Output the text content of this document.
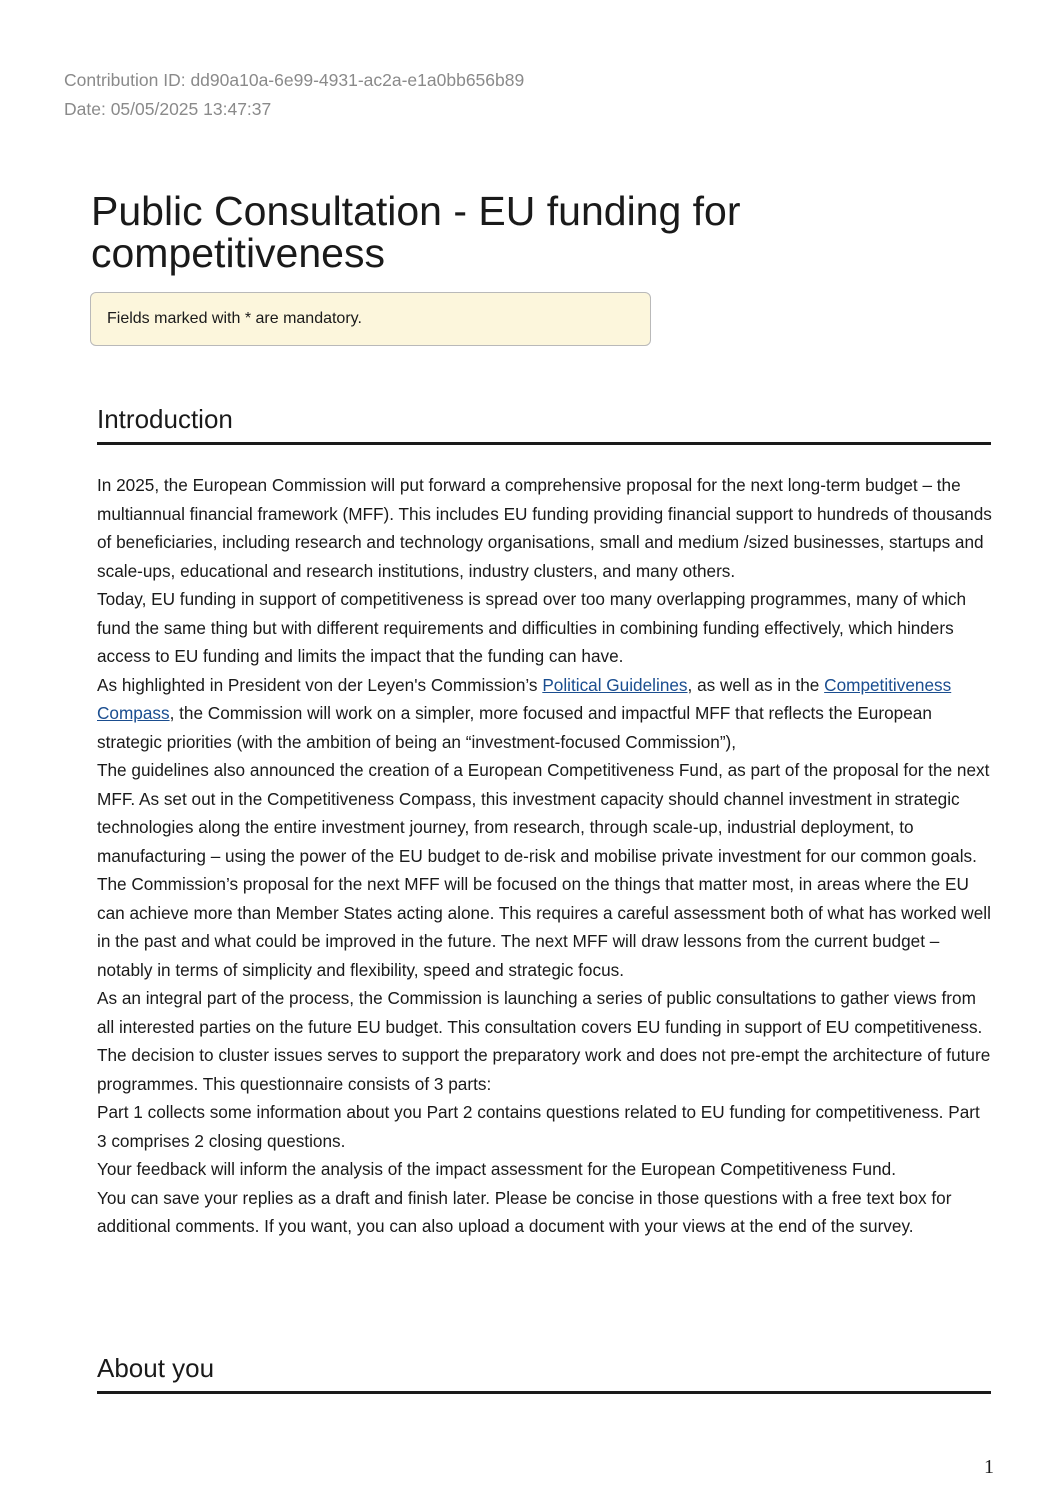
Contribution ID: dd90a10a-6e99-4931-ac2a-e1a0bb656b89
Date: 05/05/2025 13:47:37
Public Consultation - EU funding for competitiveness
Fields marked with * are mandatory.
Introduction

In 2025, the European Commission will put forward a comprehensive proposal for the next long-term budget – the multiannual financial framework (MFF). This includes EU funding providing financial support to hundreds of thousands of beneficiaries, including research and technology organisations, small and medium /sized businesses, startups and scale-ups, educational and research institutions, industry clusters, and many others.

Today, EU funding in support of competitiveness is spread over too many overlapping programmes, many of which fund the same thing but with different requirements and difficulties in combining funding effectively, which hinders access to EU funding and limits the impact that the funding can have.

As highlighted in President von der Leyen's Commission’s Political Guidelines, as well as in the Competitiveness Compass, the Commission will work on a simpler, more focused and impactful MFF that reflects the European strategic priorities (with the ambition of being an “investment-focused Commission”),

The guidelines also announced the creation of a European Competitiveness Fund, as part of the proposal for the next MFF. As set out in the Competitiveness Compass, this investment capacity should channel investment in strategic technologies along the entire investment journey, from research, through scale-up, industrial deployment, to manufacturing – using the power of the EU budget to de-risk and mobilise private investment for our common goals.

The Commission’s proposal for the next MFF will be focused on the things that matter most, in areas where the EU can achieve more than Member States acting alone. This requires a careful assessment both of what has worked well in the past and what could be improved in the future. The next MFF will draw lessons from the current budget – notably in terms of simplicity and flexibility, speed and strategic focus.

As an integral part of the process, the Commission is launching a series of public consultations to gather views from all interested parties on the future EU budget. This consultation covers EU funding in support of EU competitiveness. The decision to cluster issues serves to support the preparatory work and does not pre-empt the architecture of future programmes. This questionnaire consists of 3 parts:

Part 1 collects some information about you Part 2 contains questions related to EU funding for competitiveness. Part 3 comprises 2 closing questions.

Your feedback will inform the analysis of the impact assessment for the European Competitiveness Fund.

You can save your replies as a draft and finish later. Please be concise in those questions with a free text box for additional comments. If you want, you can also upload a document with your views at the end of the survey.

About you
1
